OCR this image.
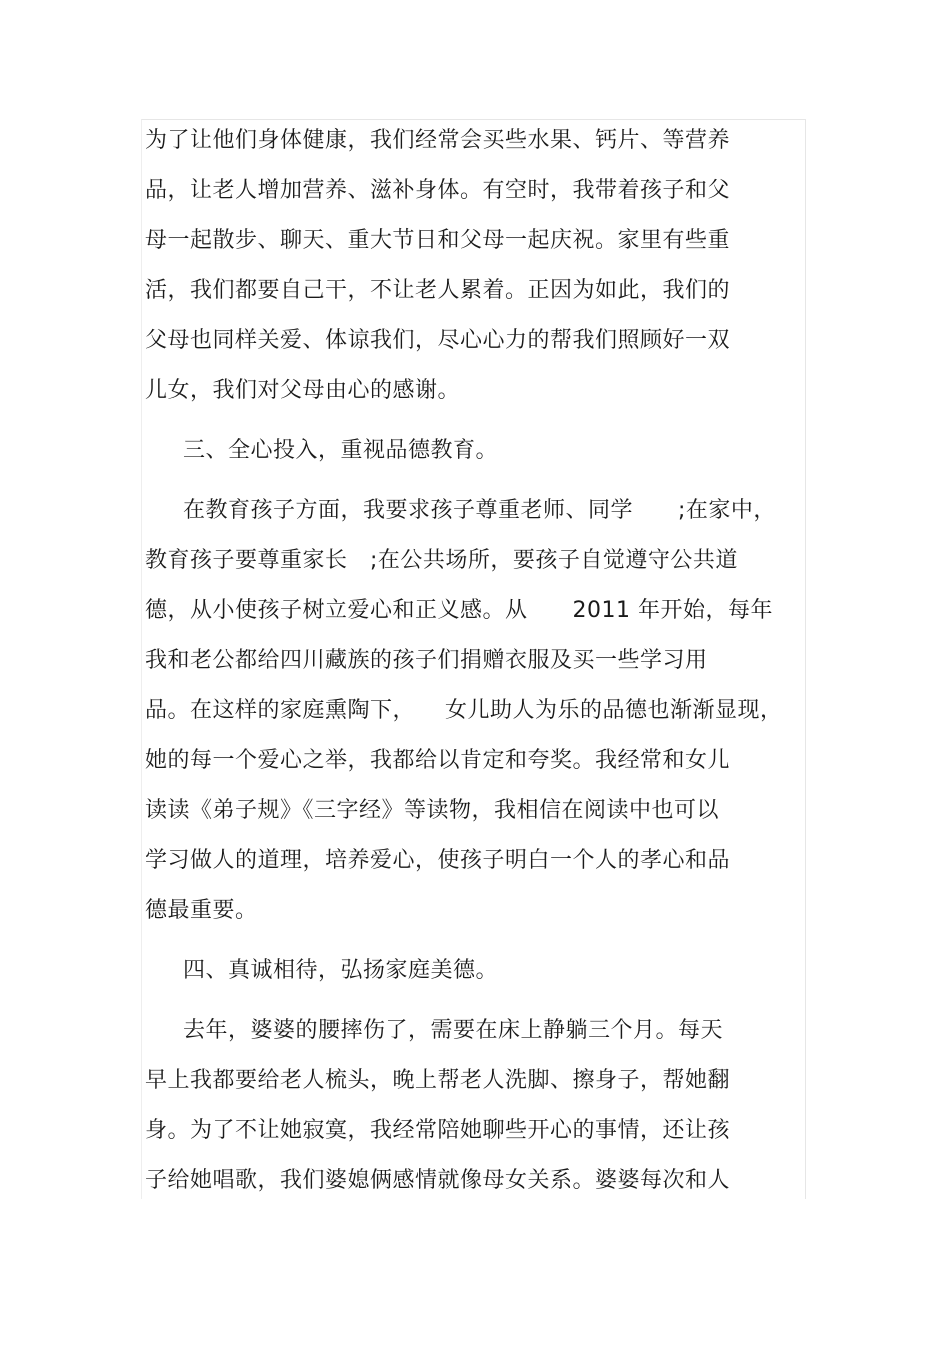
为了让他们身体健康，我们经常会买些水果、钙片、等营养
品，让老人增加营养、滋补身体。有空时，我带着孩子和父
母一起散步、聊天、重大节日和父母一起庆祝。家里有些重
活，我们都要自己干，不让老人累着。正因为如此，我们的
父母也同样关爱、体谅我们，尽心心力的帮我们照顾好一双
儿女，我们对父母由心的感谢。
三、全心投入，重视品德教育。
在教育孩子方面，我要求孩子尊重老师、同学      ;在家中，
教育孩子要尊重家长   ;在公共场所，要孩子自觉遵守公共道
德，从小使孩子树立爱心和正义感。从      2011 年开始，每年
我和老公都给四川藏族的孩子们捐赠衣服及买一些学习用
品。在这样的家庭熏陶下，    女儿助人为乐的品德也渐渐显现，
她的每一个爱心之举，我都给以肯定和夸奖。我经常和女儿
读读《弟子规》《三字经》等读物，我相信在阅读中也可以
学习做人的道理，培养爱心，使孩子明白一个人的孝心和品
德最重要。
四、真诚相待，弘扬家庭美德。
去年，婆婆的腰摔伤了，需要在床上静躺三个月。每天
早上我都要给老人梳头，晚上帮老人洗脚、擦身子，帮她翻
身。为了不让她寂寞，我经常陪她聊些开心的事情，还让孩
子给她唱歌，我们婆媳俩感情就像母女关系。婆婆每次和人
